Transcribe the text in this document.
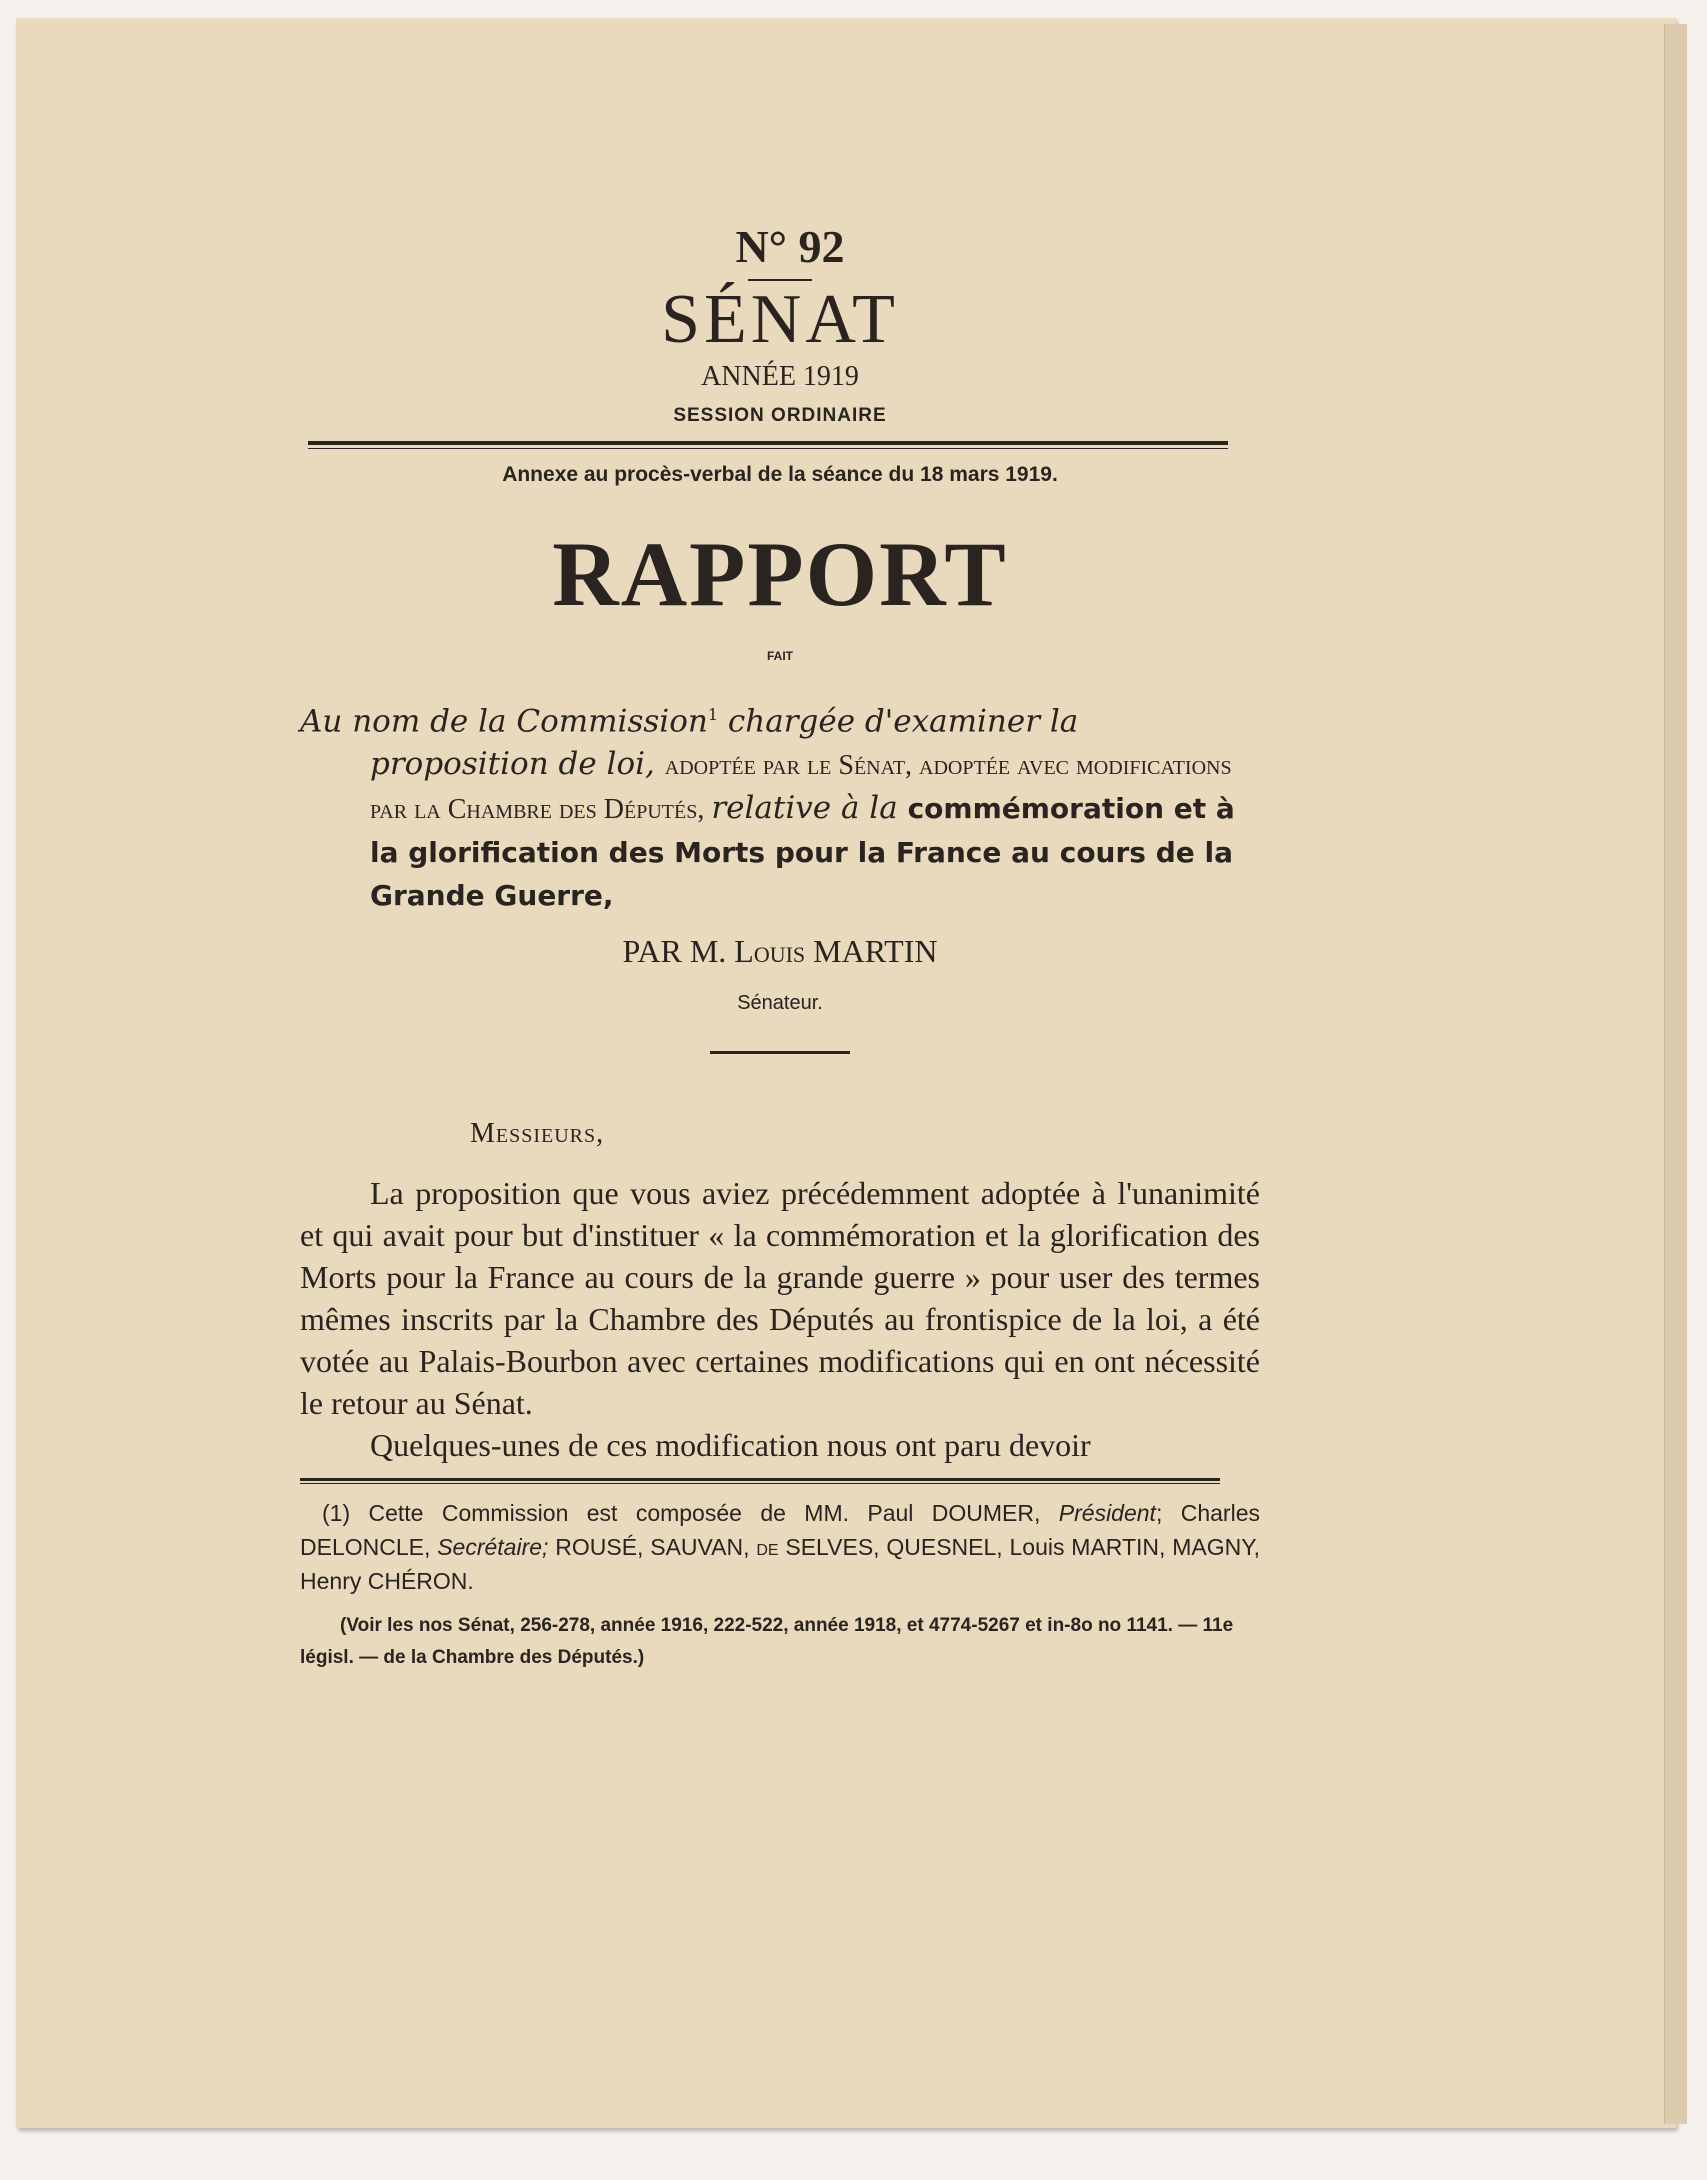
N° 92
SÉNAT
ANNÉE 1919
SESSION ORDINAIRE
Annexe au procès-verbal de la séance du 18 mars 1919.
RAPPORT
FAIT
Au nom de la Commission$^1$ chargée d'examiner la proposition de loi, adoptée par le Sénat, adoptée avec modifications par la Chambre des Députés, relative à la commémoration et à la glorification des Morts pour la France au cours de la Grande Guerre,
PAR M. Louis MARTIN
Sénateur.
Messieurs,

La proposition que vous aviez précédemment adoptée à l'unanimité et qui avait pour but d'instituer « la commémoration et la glorification des Morts pour la France au cours de la grande guerre » pour user des termes mêmes inscrits par la Chambre des Députés au frontispice de la loi, a été votée au Palais-Bourbon avec certaines modifications qui en ont nécessité le retour au Sénat.

Quelques-unes de ces modification nous ont paru devoir

(1) Cette Commission est composée de MM. Paul DOUMER, Président; Charles DELONCLE, Secrétaire; ROUSÉ, SAUVAN, de SELVES, QUESNEL, Louis MARTIN, MAGNY, Henry CHÉRON.

(Voir les nos Sénat, 256-278, année 1916, 222-522, année 1918, et 4774-5267 et in-8o no 1141. — 11e législ. — de la Chambre des Députés.)
